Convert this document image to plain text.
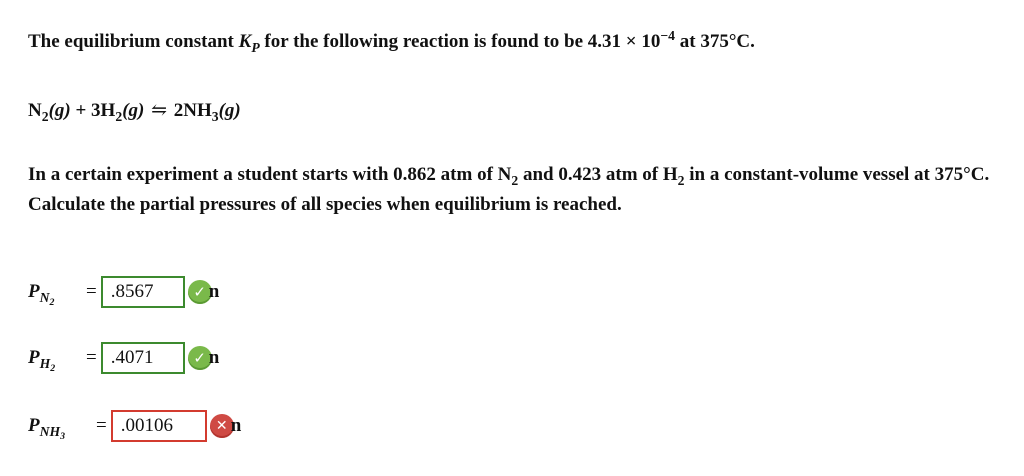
The equilibrium constant $K_P$ for the following reaction is found to be $4.31 \times 10^{-4}$ at 375°C.
$N_2(g) + 3H_2(g)$ ⇋ $2NH_3(g)$
In a certain experiment a student starts with 0.862 atm of $N_2$ and 0.423 atm of $H_2$ in a constant-volume vessel at 375°C. Calculate the partial pressures of all species when equilibrium is reached.
$P_{N_2}$
= . 8567	✓ n
$P_{H_2}$
= . 4071	✓ n
$P_{NH_3}$
= . 00106	✕ n
